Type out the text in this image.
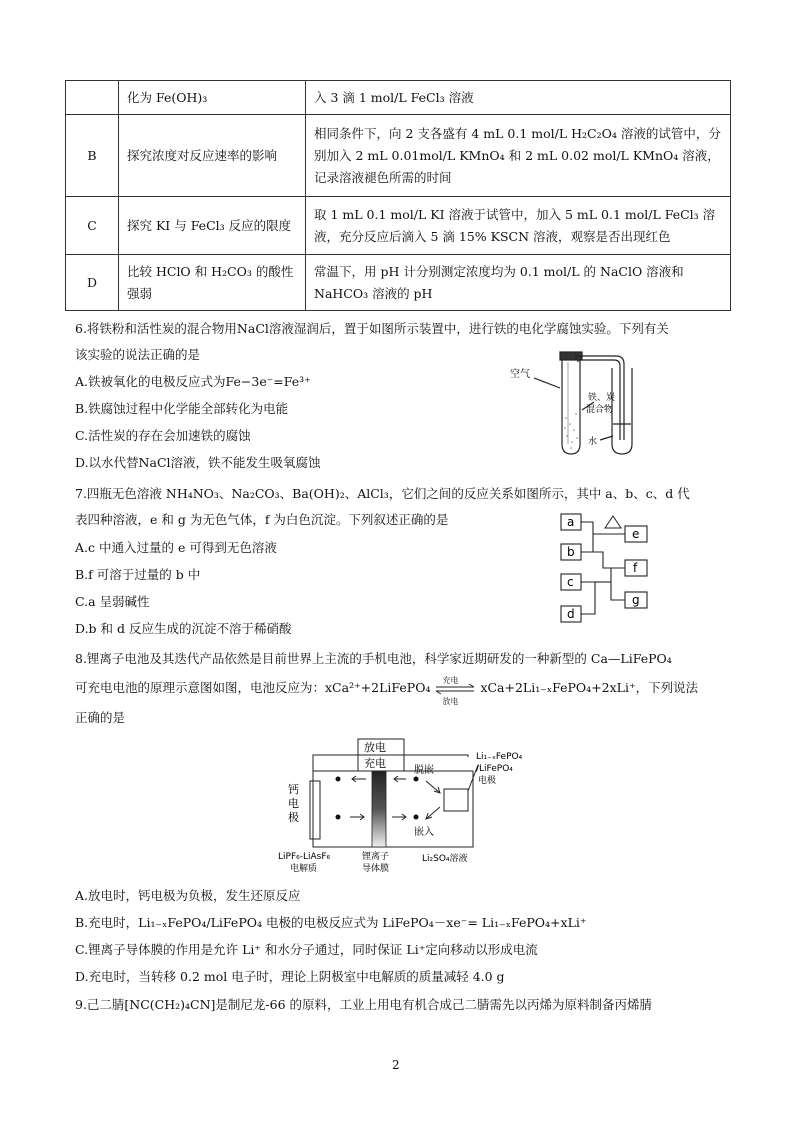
	化为 Fe(OH)₃	入 3 滴 1 mol/L FeCl₃ 溶液
B	探究浓度对反应速率的影响	相同条件下，向 2 支各盛有 4 mL 0.1 mol/L H₂C₂O₄ 溶液的试管中，分别加入 2 mL 0.01mol/L KMnO₄ 和 2 mL 0.02 mol/L KMnO₄ 溶液，记录溶液褪色所需的时间
C	探究 KI 与 FeCl₃ 反应的限度	取 1 mL 0.1 mol/L KI 溶液于试管中，加入 5 mL 0.1 mol/L FeCl₃ 溶液，充分反应后滴入 5 滴 15% KSCN 溶液，观察是否出现红色
D	比较 HClO 和 H₂CO₃ 的酸性强弱	常温下，用 pH 计分别测定浓度均为 0.1 mol/L 的 NaClO 溶液和 NaHCO₃ 溶液的 pH
6.将铁粉和活性炭的混合物用NaCl溶液湿润后，置于如图所示装置中，进行铁的电化学腐蚀实验。下列有关
该实验的说法正确的是
A.铁被氧化的电极反应式为Fe−3e⁻=Fe³⁺
B.铁腐蚀过程中化学能全部转化为电能
C.活性炭的存在会加速铁的腐蚀
D.以水代替NaCl溶液，铁不能发生吸氧腐蚀
空气
铁、炭
混合物
水
7.四瓶无色溶液 NH₄NO₃、Na₂CO₃、Ba(OH)₂、AlCl₃，它们之间的反应关系如图所示，其中 a、b、c、d 代
表四种溶液，e 和 g 为无色气体，f 为白色沉淀。下列叙述正确的是
A.c 中通入过量的 e 可得到无色溶液
B.f 可溶于过量的 b 中
C.a 呈弱碱性
D.b 和 d 反应生成的沉淀不溶于稀硝酸
a
b
c
d
e
f
g
8.锂离子电池及其迭代产品依然是目前世界上主流的手机电池，科学家近期研发的一种新型的 Ca—LiFePO₄
可充电电池的原理示意图如图，电池反应为：xCa²⁺+2LiFePO₄ 充电
放电
xCa+2Li₁₋ₓFePO₄+2xLi⁺，下列说法
正确的是
放电
充电
钙
电
极
Li₁₋ₓFePO₄
/LiFePO₄
电极
脱嵌
嵌入
LiPF₆-LiAsF₆
电解质
锂离子
导体膜
Li₂SO₄溶液
A.放电时，钙电极为负极，发生还原反应
B.充电时，Li₁₋ₓFePO₄/LiFePO₄ 电极的电极反应式为 LiFePO₄－xe⁻= Li₁₋ₓFePO₄+xLi⁺
C.锂离子导体膜的作用是允许 Li⁺ 和水分子通过，同时保证 Li⁺定向移动以形成电流
D.充电时，当转移 0.2 mol 电子时，理论上阴极室中电解质的质量减轻 4.0 g
9.己二腈[NC(CH₂)₄CN]是制尼龙-66 的原料，工业上用电有机合成己二腈需先以丙烯为原料制备丙烯腈
2
